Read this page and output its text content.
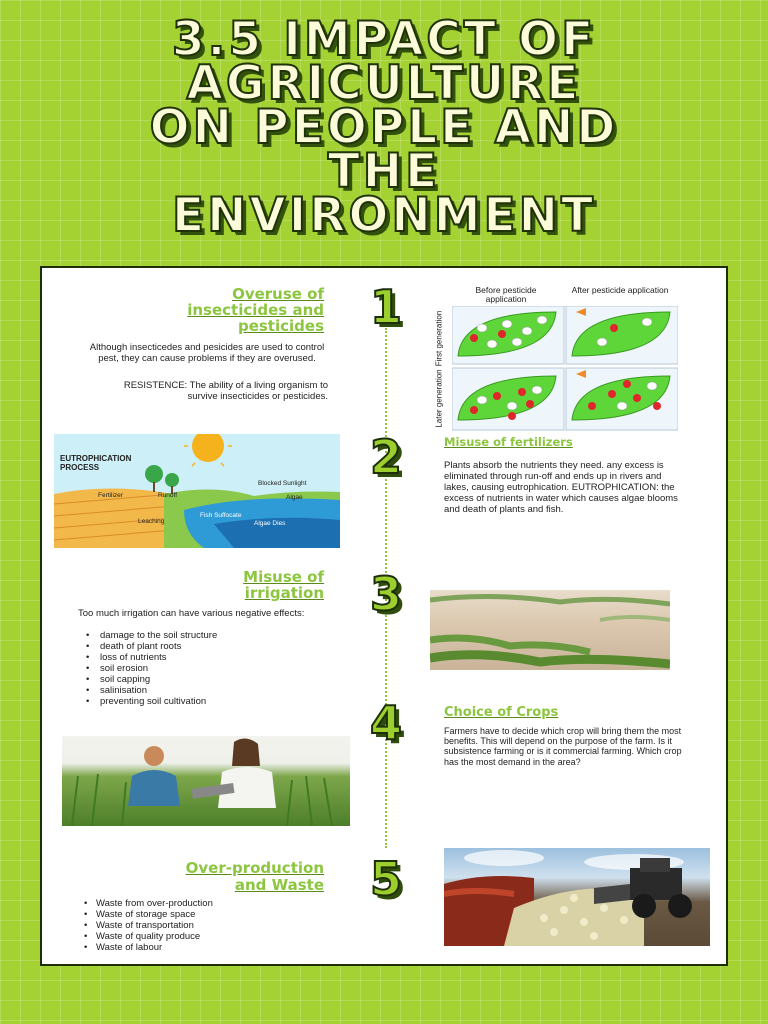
3.5 IMPACT OF
AGRICULTURE
ON PEOPLE AND
THE
ENVIRONMENT
Overuse of
insecticides and
pesticides
Although insecticedes and pesicides are used to control pest, they can cause problems if they are overused.
RESISTENCE: The ability of a living organism to survive insecticides or pesticides.
1	Before pesticide application
After pesticide application
First generation
Later generation
EUTROPHICATION
PROCESS
Blocked Sunlight
Fertilizer	Runoff	Algae
Leaching
Fish Suffocate
Algae Dies
2	Misuse of fertilizers
Plants absorb the nutrients they need. any excess is eliminated through run-off and ends up in rivers and lakes, causing eutrophication. EUTROPHICATION: the excess of nutrients in water which causes algae blooms and death of plants and fish.
Misuse of
irrigation
Too much irrigation can have various negative effects:
• damage to the soil structure
• death of plant roots
• loss of nutrients
• soil erosion
• soil capping
• salinisation
• preventing soil cultivation
3
4	Choice of Crops
Farmers have to decide which crop will bring them the most benefits. This will depend on the purpose of the farm. Is it subsistence farming or is it commercial farming. Which crop has the most demand in the area?
Over-production
and Waste
• Waste from over-production
• Waste of storage space
• Waste of transportation
• Waste of quality produce
• Waste of labour
5
